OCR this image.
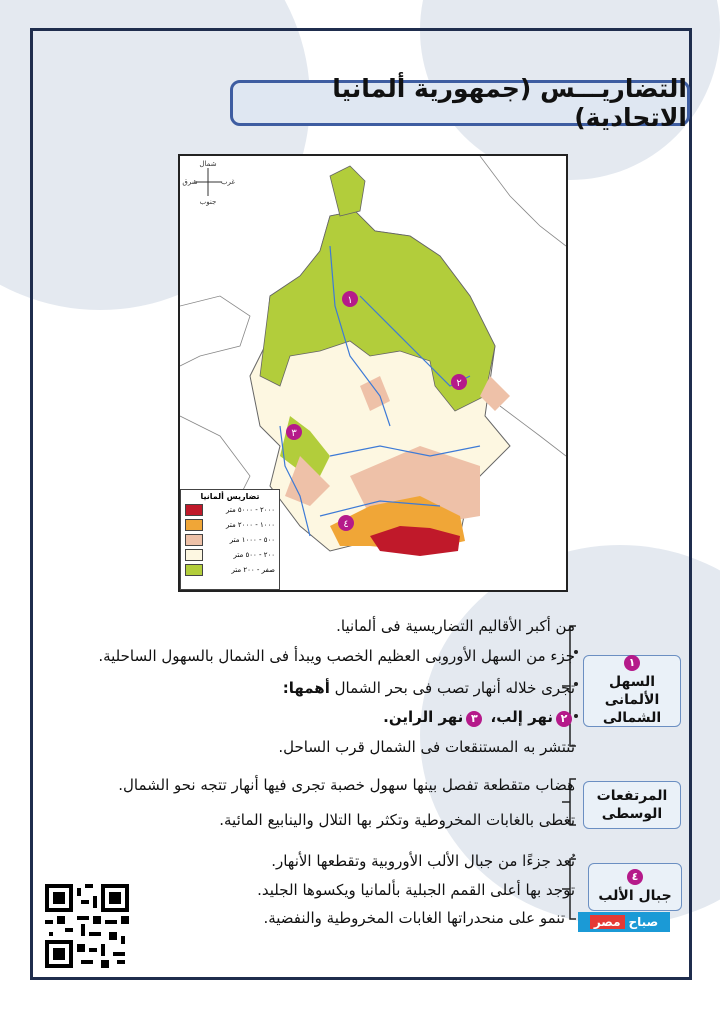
التضاريـــس (جمهورية ألمانيا الاتحادية)
شمال
شرق	غرب
جنوب
١
٢
٣
٤
تضاريس ألمانيا
٢٠٠٠ - ٥٠٠٠ متر
١٠٠٠ - ٢٠٠٠ متر
٥٠٠ - ١٠٠٠ متر
٢٠٠ - ٥٠٠ متر
صفر - ٢٠٠ متر
١
السهل
الألمانى الشمالى
من أكبر الأقاليم التضاريسية فى ألمانيا.
جزء من السهل الأوروبى العظيم الخصب ويبدأ فى الشمال بالسهول الساحلية.
تجرى خلاله أنهار تصب فى بحر الشمال أهمها:
٢نهر إلب، ٣نهر الراين.
تنتشر به المستنقعات فى الشمال قرب الساحل.
المرتفعات
الوسطى
هضاب متقطعة تفصل بينها سهول خصبة تجرى فيها أنهار تتجه نحو الشمال.
تغطى بالغابات المخروطية وتكثر بها التلال والينابيع المائية.
٤
جبال الألب
تُعد جزءًا من جبال الألب الأوروبية وتقطعها الأنهار.
توجد بها أعلى القمم الجبلية بألمانيا ويكسوها الجليد.
تنمو على منحدراتها الغابات المخروطية والنفضية.	مصر صباح
